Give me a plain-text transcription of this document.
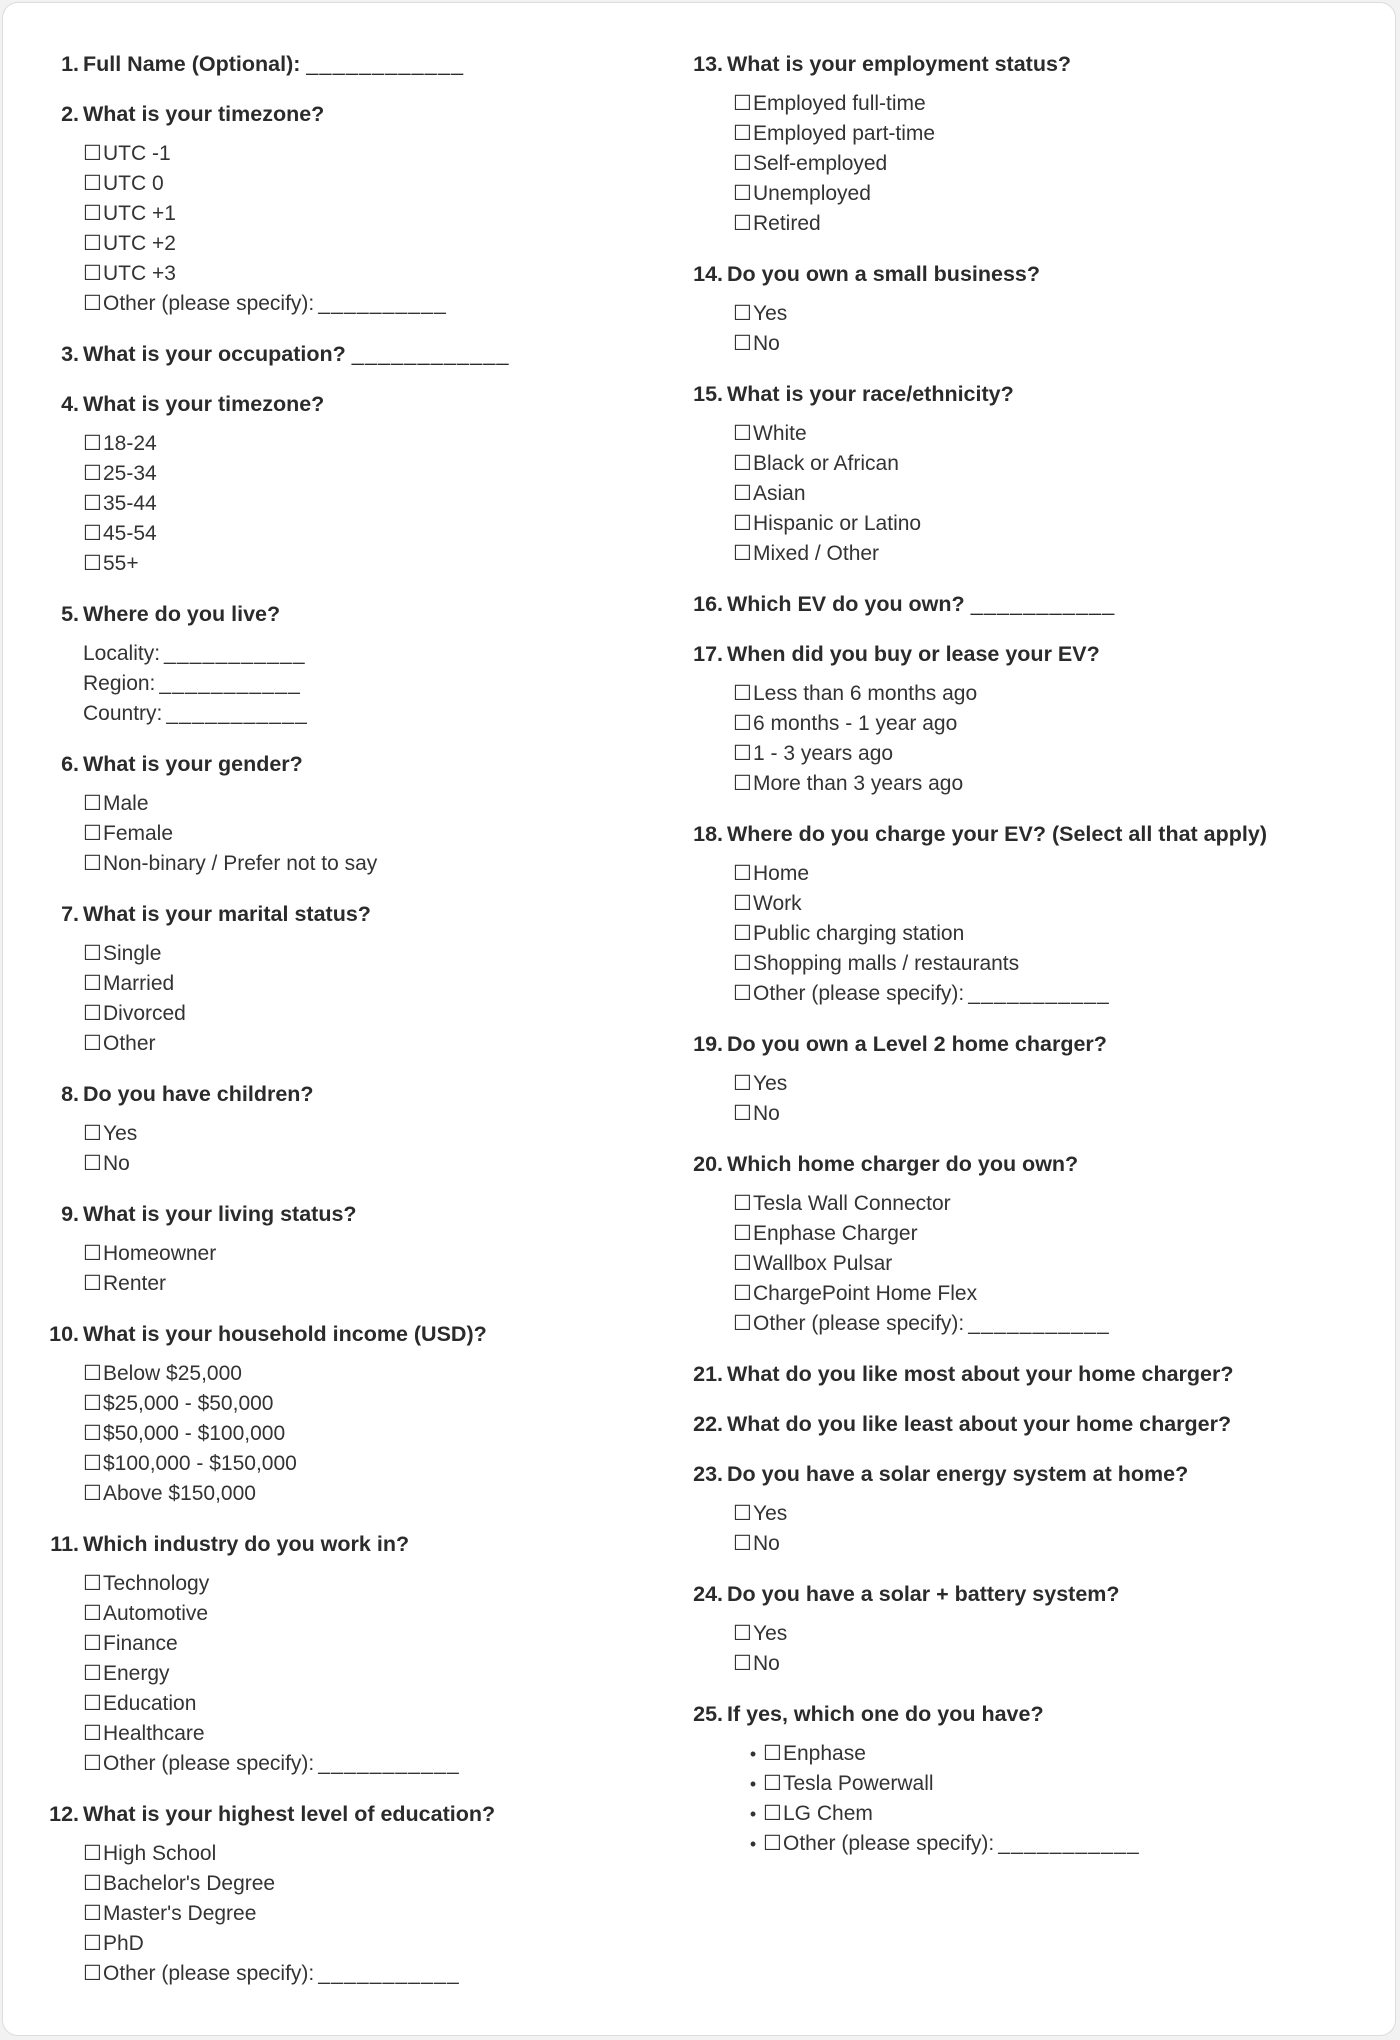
1. Full Name (Optional): ____________
2. What is your timezone?
☐UTC -1
☐UTC 0
☐UTC +1
☐UTC +2
☐UTC +3
☐Other (please specify): __________
3. What is your occupation? ____________
4. What is your timezone?
☐18-24
☐25-34
☐35-44
☐45-54
☐55+
5. Where do you live?
Locality: ___________
Region: ___________
Country: ___________
6. What is your gender?
☐Male
☐Female
☐Non-binary / Prefer not to say
7. What is your marital status?
☐Single
☐Married
☐Divorced
☐Other
8. Do you have children?
☐Yes
☐No
9. What is your living status?
☐Homeowner
☐Renter
10. What is your household income (USD)?
☐Below $25,000
☐$25,000 - $50,000
☐$50,000 - $100,000
☐$100,000 - $150,000
☐Above $150,000
11. Which industry do you work in?
☐Technology
☐Automotive
☐Finance
☐Energy
☐Education
☐Healthcare
☐Other (please specify): ___________
12. What is your highest level of education?
☐High School
☐Bachelor's Degree
☐Master's Degree
☐PhD
☐Other (please specify): ___________
13. What is your employment status?
☐Employed full-time
☐Employed part-time
☐Self-employed
☐Unemployed
☐Retired
14. Do you own a small business?
☐Yes
☐No
15. What is your race/ethnicity?
☐White
☐Black or African
☐Asian
☐Hispanic or Latino
☐Mixed / Other
16. Which EV do you own? ___________
17. When did you buy or lease your EV?
☐Less than 6 months ago
☐6 months - 1 year ago
☐1 - 3 years ago
☐More than 3 years ago
18. Where do you charge your EV? (Select all that apply)
☐Home
☐Work
☐Public charging station
☐Shopping malls / restaurants
☐Other (please specify): ___________
19. Do you own a Level 2 home charger?
☐Yes
☐No
20. Which home charger do you own?
☐Tesla Wall Connector
☐Enphase Charger
☐Wallbox Pulsar
☐ChargePoint Home Flex
☐Other (please specify): ___________
21. What do you like most about your home charger?
22. What do you like least about your home charger?
23. Do you have a solar energy system at home?
☐Yes
☐No
24. Do you have a solar + battery system?
☐Yes
☐No
25. If yes, which one do you have?
• ☐Enphase
• ☐Tesla Powerwall
• ☐LG Chem
• ☐Other (please specify): ___________
